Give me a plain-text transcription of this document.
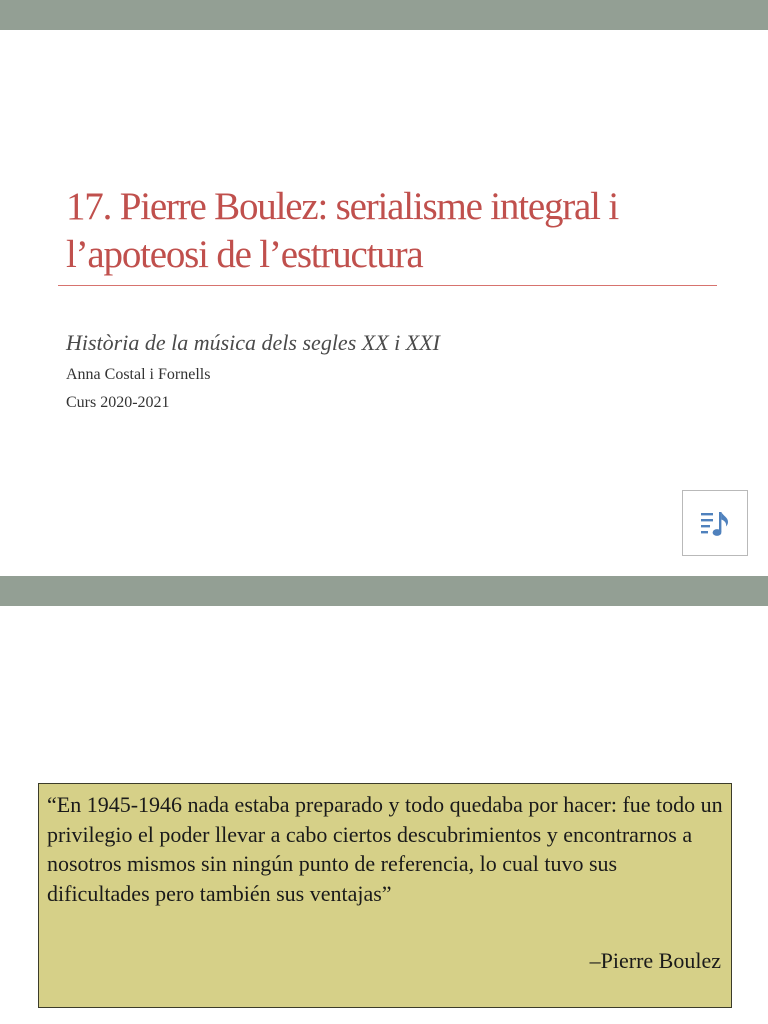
17. Pierre Boulez: serialisme integral i
l’apoteosi de l’estructura
Història de la música dels segles XX i XXI
Anna Costal i Fornells
Curs 2020-2021

“En 1945-1946 nada estaba preparado y todo quedaba por hacer: fue todo un privilegio el poder llevar a cabo ciertos descubrimientos y encontrarnos a nosotros mismos sin ningún punto de referencia, lo cual tuvo sus dificultades pero también sus ventajas”

–Pierre Boulez
